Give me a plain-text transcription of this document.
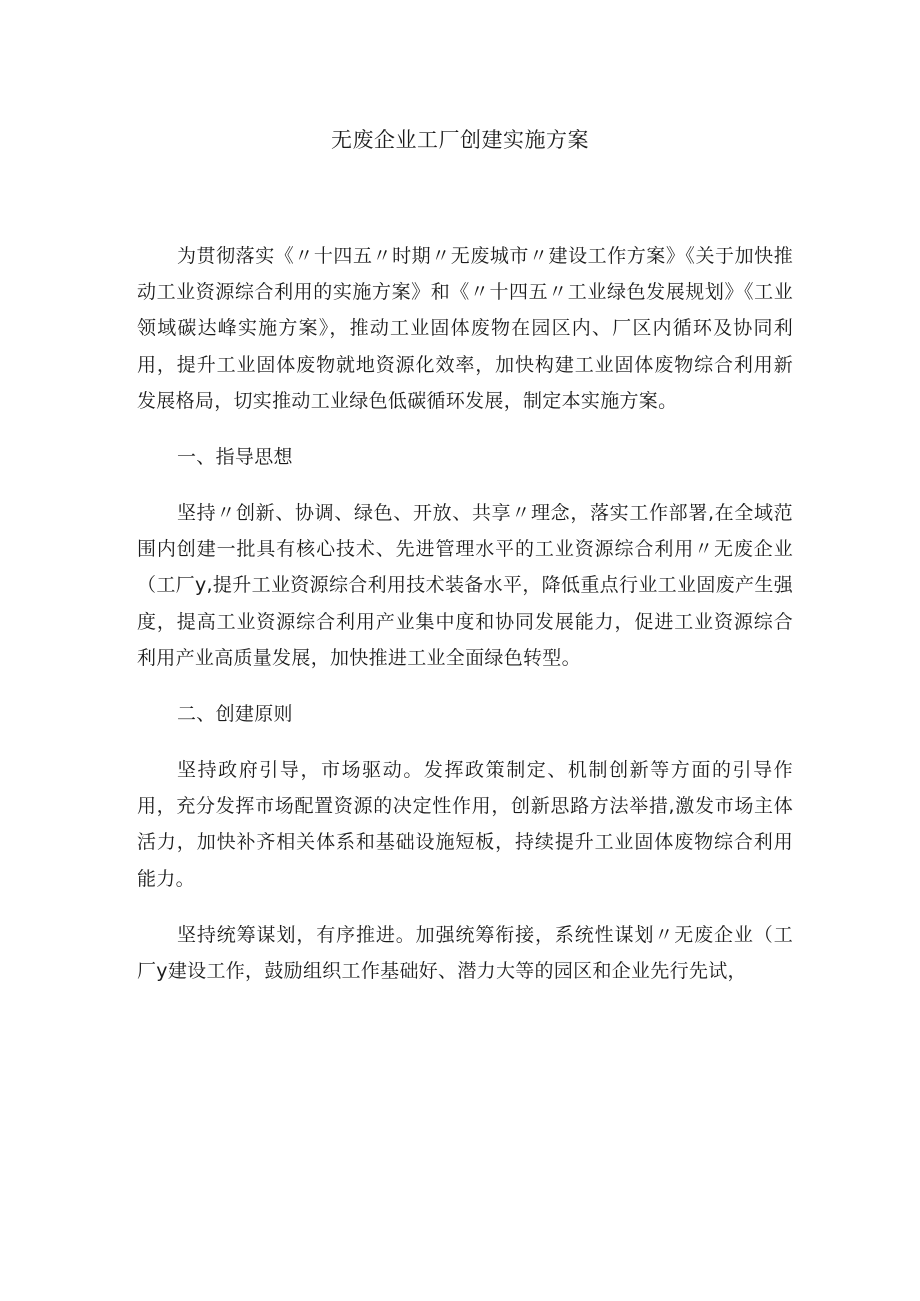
无废企业工厂创建实施方案

为贯彻落实《〃十四五〃时期〃无废城市〃建设工作方案》《关于加快推动工业资源综合利用的实施方案》和《〃十四五〃工业绿色发展规划》《工业领域碳达峰实施方案》，推动工业固体废物在园区内、厂区内循环及协同利用，提升工业固体废物就地资源化效率，加快构建工业固体废物综合利用新发展格局，切实推动工业绿色低碳循环发展，制定本实施方案。

一、指导思想

坚持〃创新、协调、绿色、开放、共享〃理念，落实工作部署,在全域范围内创建一批具有核心技术、先进管理水平的工业资源综合利用〃无废企业（工厂y,提升工业资源综合利用技术装备水平，降低重点行业工业固废产生强度，提高工业资源综合利用产业集中度和协同发展能力，促进工业资源综合利用产业高质量发展，加快推进工业全面绿色转型。

二、创建原则

坚持政府引导，市场驱动。发挥政策制定、机制创新等方面的引导作用，充分发挥市场配置资源的决定性作用，创新思路方法举措,激发市场主体活力，加快补齐相关体系和基础设施短板，持续提升工业固体废物综合利用能力。

坚持统筹谋划，有序推进。加强统筹衔接，系统性谋划〃无废企业（工厂y建设工作，鼓励组织工作基础好、潜力大等的园区和企业先行先试，
